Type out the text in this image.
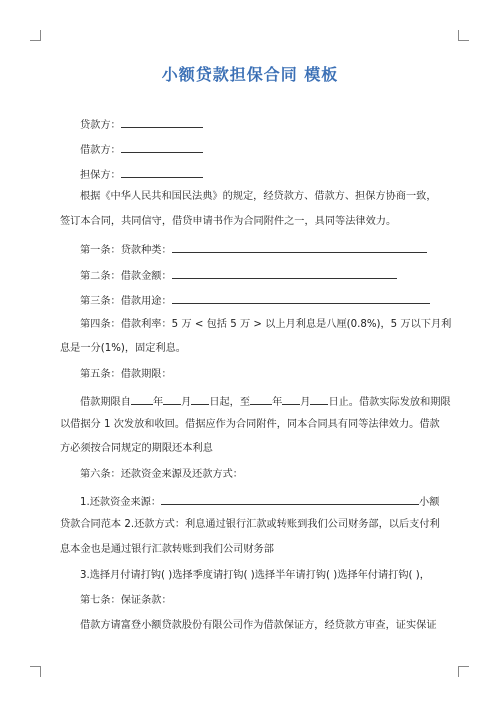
小额贷款担保合同 模板
贷款方：
借款方：
担保方：
根据《中华人民共和国民法典》的规定，经贷款方、借款方、担保方协商一致，
签订本合同，共同信守，借贷申请书作为合同附件之一，具同等法律效力。
第一条：贷款种类：
第二条：借款金额：
第三条：借款用途：
第四条：借款利率：5 万 < 包括 5 万 > 以上月利息是八厘(0.8%)，5 万以下月利
息是一分(1%)，固定利息。
第五条：借款期限：
借款期限自 年 月 日起，至 年 月 日止。借款实际发放和期限
以借据分 1 次发放和收回。借据应作为合同附件，同本合同具有同等法律效力。借款
方必须按合同规定的期限还本利息
第六条：还款资金来源及还款方式：
1.还款资金来源：	小额
贷款合同范本 2.还款方式：利息通过银行汇款或转账到我们公司财务部，以后支付利
息本金也是通过银行汇款转账到我们公司财务部
3.选择月付请打钩( )选择季度请打钩( )选择半年请打钩( )选择年付请打钩( )，
第七条：保证条款：
借款方请富登小额贷款股份有限公司作为借款保证方，经贷款方审查，证实保证
